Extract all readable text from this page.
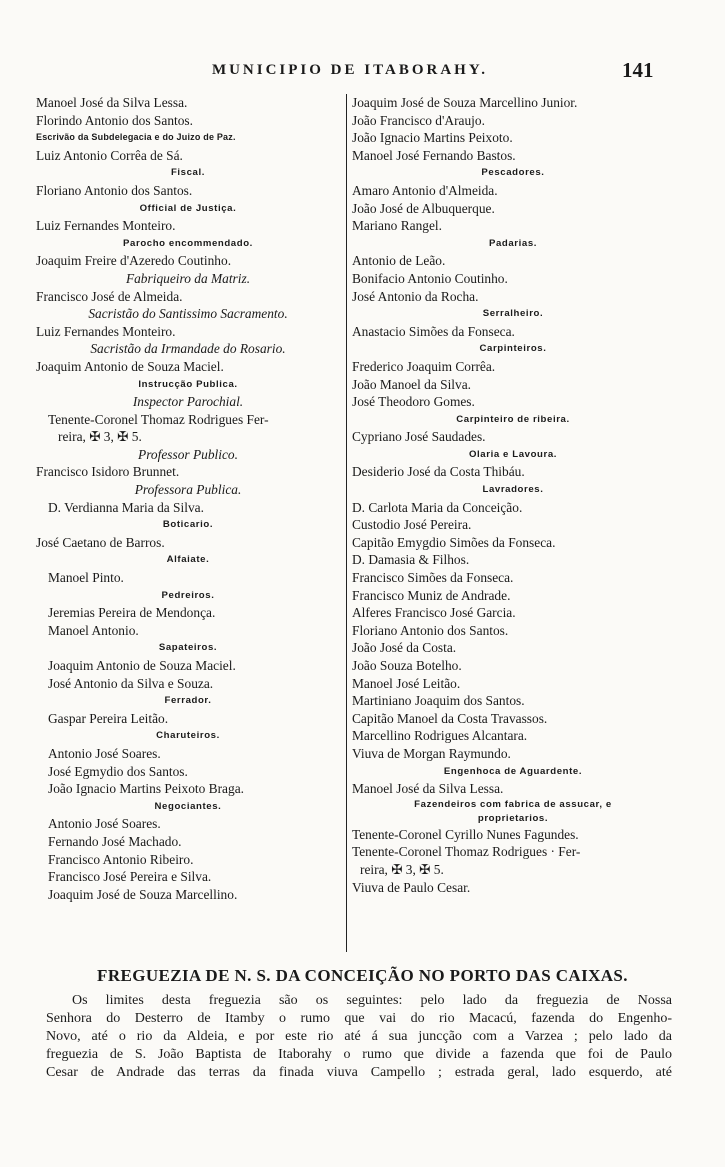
MUNICIPIO DE ITABORAHY.	141
Manoel José da Silva Lessa.
Florindo Antonio dos Santos.
Escrivão da Subdelegacia e do Juizo de Paz.
Luiz Antonio Corrêa de Sá.
Fiscal.
Floriano Antonio dos Santos.
Official de Justiça.
Luiz Fernandes Monteiro.
Parocho encommendado.
Joaquim Freire d'Azeredo Coutinho.
Fabriqueiro da Matriz.
Francisco José de Almeida.
Sacristão do Santissimo Sacramento.
Luiz Fernandes Monteiro.
Sacristão da Irmandade do Rosario.
Joaquim Antonio de Souza Maciel.
Instrucção Publica.
Inspector Parochial.
Tenente-Coronel Thomaz Rodrigues Fer-
reira, ✠ 3, ✠ 5.
Professor Publico.
Francisco Isidoro Brunnet.
Professora Publica.
D. Verdianna Maria da Silva.
Boticario.
José Caetano de Barros.
Alfaiate.
Manoel Pinto.
Pedreiros.
Jeremias Pereira de Mendonça.
Manoel Antonio.
Sapateiros.
Joaquim Antonio de Souza Maciel.
José Antonio da Silva e Souza.
Ferrador.
Gaspar Pereira Leitão.
Charuteiros.
Antonio José Soares.
José Egmydio dos Santos.
João Ignacio Martins Peixoto Braga.
Negociantes.
Antonio José Soares.
Fernando José Machado.
Francisco Antonio Ribeiro.
Francisco José Pereira e Silva.
Joaquim José de Souza Marcellino.
Joaquim José de Souza Marcellino Junior.
João Francisco d'Araujo.
João Ignacio Martins Peixoto.
Manoel José Fernando Bastos.
Pescadores.
Amaro Antonio d'Almeida.
João José de Albuquerque.
Mariano Rangel.
Padarias.
Antonio de Leão.
Bonifacio Antonio Coutinho.
José Antonio da Rocha.
Serralheiro.
Anastacio Simões da Fonseca.
Carpinteiros.
Frederico Joaquim Corrêa.
João Manoel da Silva.
José Theodoro Gomes.
Carpinteiro de ribeira.
Cypriano José Saudades.
Olaria e Lavoura.
Desiderio José da Costa Thibáu.
Lavradores.
D. Carlota Maria da Conceição.
Custodio José Pereira.
Capitão Emygdio Simões da Fonseca.
D. Damasia & Filhos.
Francisco Simões da Fonseca.
Francisco Muniz de Andrade.
Alferes Francisco José Garcia.
Floriano Antonio dos Santos.
João José da Costa.
João Souza Botelho.
Manoel José Leitão.
Martiniano Joaquim dos Santos.
Capitão Manoel da Costa Travassos.
Marcellino Rodrigues Alcantara.
Viuva de Morgan Raymundo.
Engenhoca de Aguardente.
Manoel José da Silva Lessa.
Fazendeiros com fabrica de assucar, e
proprietarios.
Tenente-Coronel Cyrillo Nunes Fagundes.
Tenente-Coronel Thomaz Rodrigues · Fer-
reira, ✠ 3, ✠ 5.
Viuva de Paulo Cesar.
FREGUEZIA DE N. S. DA CONCEIÇÃO NO PORTO DAS CAIXAS.
Os limites desta freguezia são os seguintes: pelo lado da freguezia de Nossa
Senhora do Desterro de Itamby o rumo que vai do rio Macacú, fazenda do Engenho-
Novo, até o rio da Aldeia, e por este rio até á sua juncção com a Varzea ; pelo lado da
freguezia de S. João Baptista de Itaborahy o rumo que divide a fazenda que foi de Paulo
Cesar de Andrade das terras da finada viuva Campello ; estrada geral, lado esquerdo, até
